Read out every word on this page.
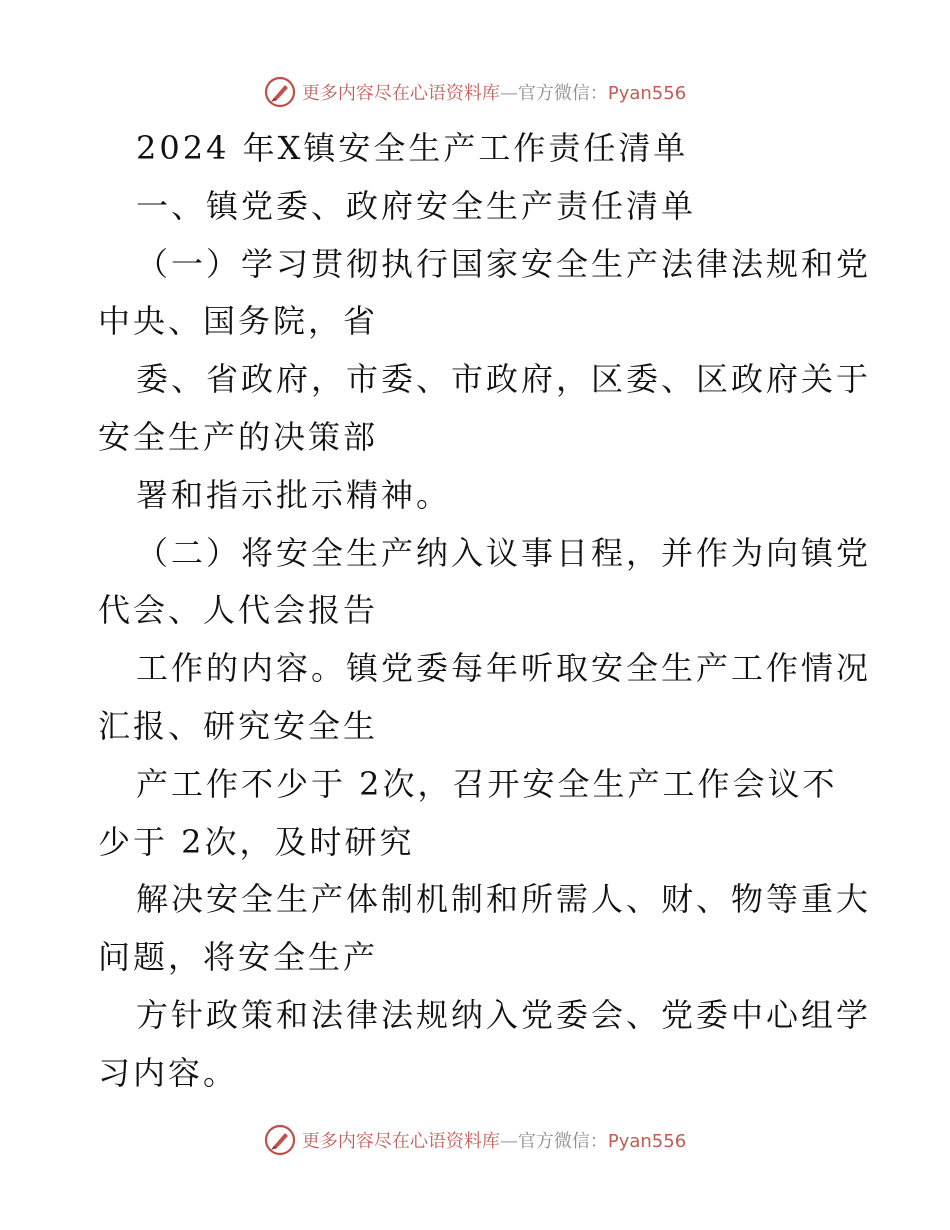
更多内容尽在心语资料库—官方微信：Pyan556
2024 年X镇安全生产工作责任清单
一、镇党委、政府安全生产责任清单
（一）学习贯彻执行国家安全生产法律法规和党
中央、国务院，省
委、省政府，市委、市政府，区委、区政府关于
安全生产的决策部
署和指示批示精神。
（二）将安全生产纳入议事日程，并作为向镇党
代会、人代会报告
工作的内容。镇党委每年听取安全生产工作情况
汇报、研究安全生
产工作不少于 2次，召开安全生产工作会议不
少于 2次，及时研究
解决安全生产体制机制和所需人、财、物等重大
问题，将安全生产
方针政策和法律法规纳入党委会、党委中心组学
习内容。
更多内容尽在心语资料库—官方微信：Pyan556
